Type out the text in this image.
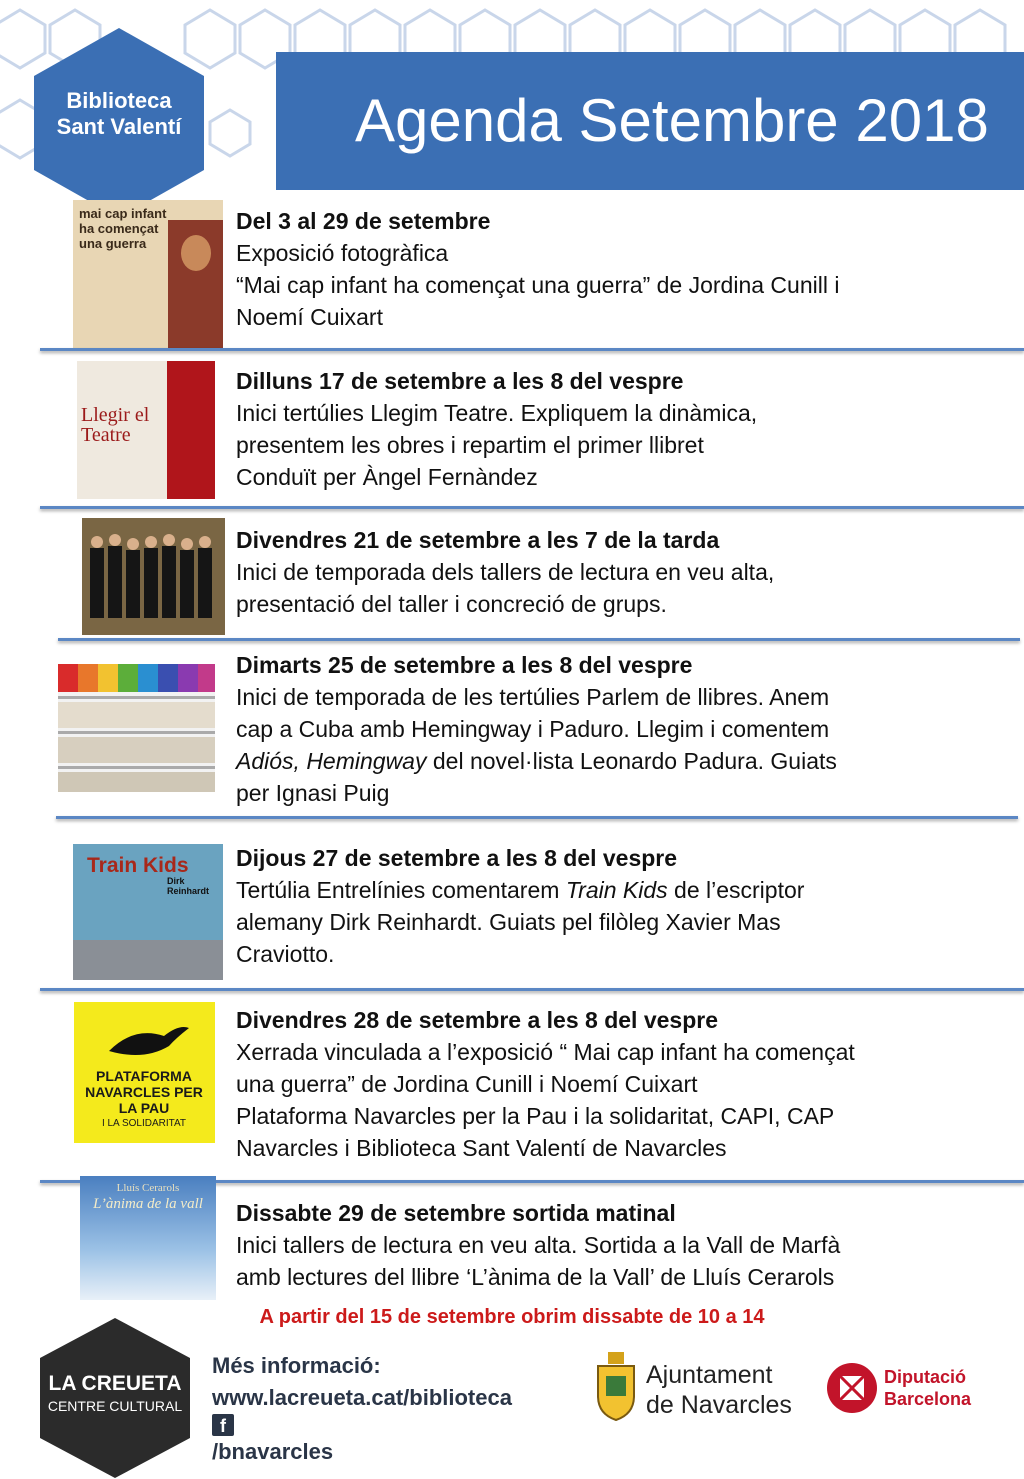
Agenda Setembre 2018
Biblioteca
Sant Valentí
mai cap infant ha començat una guerra
Del 3 al 29 de setembre
Exposició fotogràfica
“Mai cap infant ha començat una guerra” de Jordina Cunill i
Noemí Cuixart
Llegir el Teatre
Dilluns 17 de setembre a les 8 del vespre
Inici tertúlies Llegim Teatre. Expliquem la dinàmica,
presentem les obres i repartim el primer llibret
Conduït per Àngel Fernàndez
Divendres 21 de setembre a les 7 de la tarda
Inici de temporada dels tallers de lectura en veu alta,
presentació del taller i concreció de grups.
Dimarts 25 de setembre a les 8 del vespre
Inici de temporada de les tertúlies Parlem de llibres. Anem
cap a Cuba amb Hemingway i Paduro. Llegim i comentem
Adiós, Hemingway del novel·lista Leonardo Padura. Guiats
per Ignasi Puig
Train Kids
Dirk Reinhardt
Dijous 27 de setembre a les 8 del vespre
Tertúlia Entrelínies comentarem Train Kids de l’escriptor
alemany Dirk Reinhardt. Guiats pel filòleg Xavier Mas
Craviotto.
PLATAFORMA NAVARCLES PER LA PAU
I LA SOLIDARITAT
Divendres 28 de setembre a les 8 del vespre
Xerrada vinculada a l’exposició “ Mai cap infant ha començat
una guerra” de Jordina Cunill i Noemí Cuixart
Plataforma Navarcles per la Pau i la solidaritat, CAPI, CAP
Navarcles i Biblioteca Sant Valentí de Navarcles
Lluís Cerarols
L’ànima de la vall	Dissabte 29 de setembre sortida matinal
Inici tallers de lectura en veu alta. Sortida a la Vall de Marfà
amb lectures del llibre ‘L’ànima de la Vall’ de Lluís Cerarols
A partir del 15 de setembre obrim dissabte de 10 a 14
LA CREUETA
CENTRE CULTURAL
Més informació:
www.lacreueta.cat/biblioteca
f
/bnavarcles
Ajuntament
de Navarcles
Diputació
Barcelona
